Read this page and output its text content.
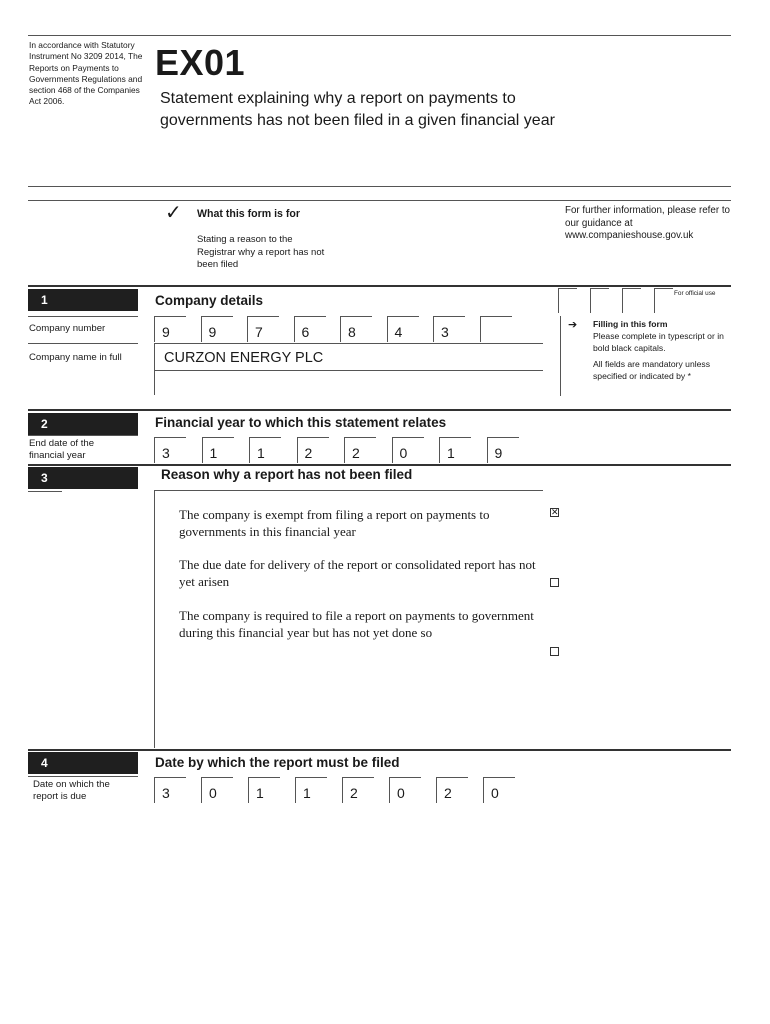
In accordance with Statutory Instrument No 3209 2014, The Reports on Payments to Governments Regulations and section 468 of the Companies Act 2006.
EX01
Statement explaining why a report on payments to governments has not been filed in a given financial year
✓ What this form is for
Stating a reason to the Registrar why a report has not been filed
For further information, please refer to our guidance at www.companieshouse.gov.uk
1	Company details	For official use
Company number	9	9	7	6	8	4	3
Company name in full	CURZON ENERGY PLC
➔ Filling in this form
Please complete in typescript or in bold black capitals.
All fields are mandatory unless specified or indicated by *
2	Financial year to which this statement relates
End date of the financial year	3	1	1	2	2	0	1	9
3	Reason why a report has not been filed
The company is exempt from filing a report on payments to governments in this financial year
✕
The due date for delivery of the report or consolidated report has not yet arisen
The company is required to file a report on payments to government during this financial year but has not yet done so
4	Date by which the report must be filed
Date on which the report is due	3	0	1	1	2	0	2	0
